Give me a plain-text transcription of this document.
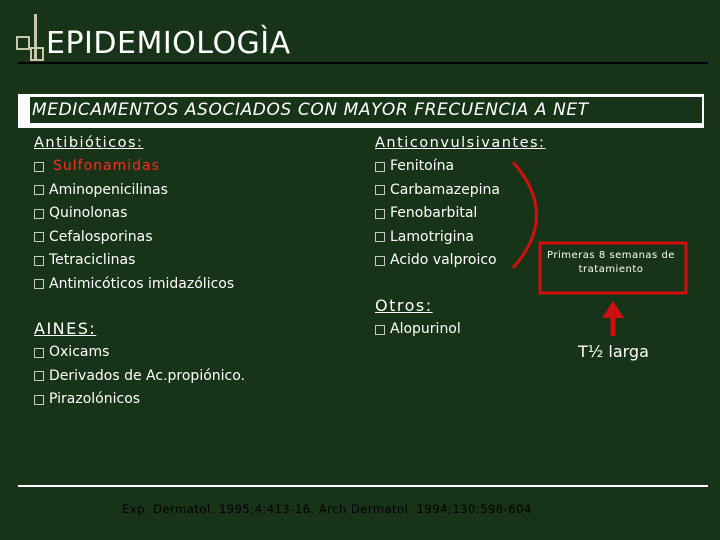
EPIDEMIOLOGÌA
MEDICAMENTOS ASOCIADOS CON MAYOR FRECUENCIA A NET
Antibióticos:
Sulfonamidas
Aminopenicilinas
Quinolonas
Cefalosporinas
Tetraciclinas
Antimicóticos imidazólicos
AINES:
Oxicams
Derivados de Ac.propiónico.
Pirazolónicos
Anticonvulsivantes:
Fenitoína
Carbamazepina
Fenobarbital
Lamotrigina
Acido valproico
Otros:
Alopurinol
Primeras 8 semanas de tratamiento
T½ larga
Exp. Dermatol. 1995;4:413-16. Arch Dermatol. 1994;130:598-604
